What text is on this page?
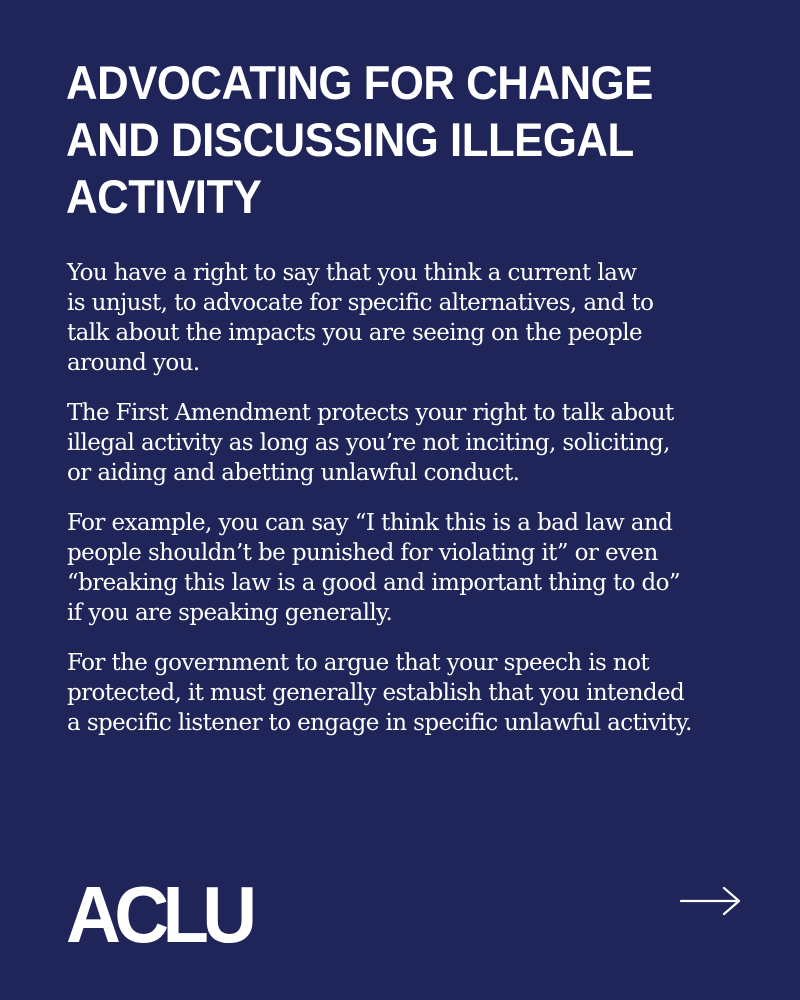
ADVOCATING FOR CHANGE
AND DISCUSSING ILLEGAL
ACTIVITY

You have a right to say that you think a current law
is unjust, to advocate for specific alternatives, and to
talk about the impacts you are seeing on the people
around you.

The First Amendment protects your right to talk about
illegal activity as long as you’re not inciting, soliciting,
or aiding and abetting unlawful conduct.

For example, you can say “I think this is a bad law and
people shouldn’t be punished for violating it” or even
“breaking this law is a good and important thing to do”
if you are speaking generally.

For the government to argue that your speech is not
protected, it must generally establish that you intended
a specific listener to engage in specific unlawful activity.

ACLU
